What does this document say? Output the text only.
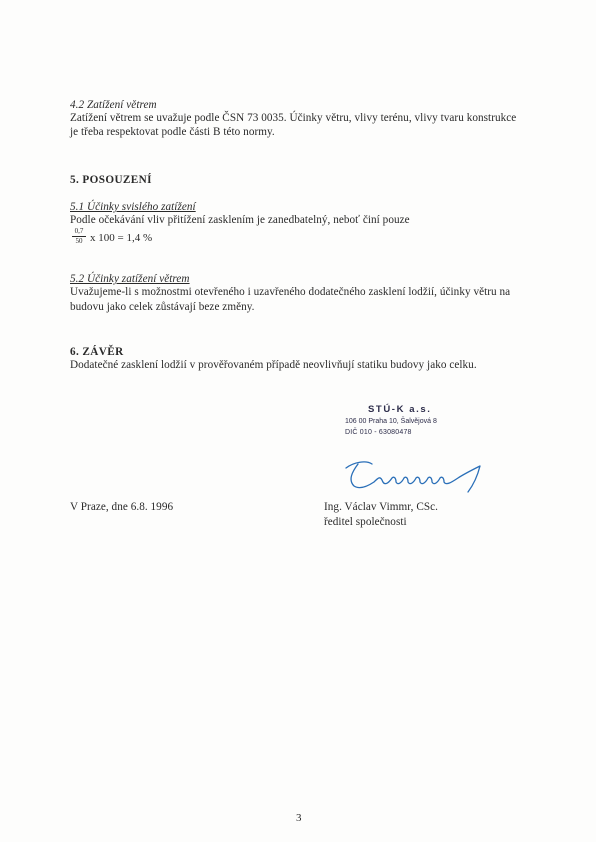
4.2 Zatížení větrem
Zatížení větrem se uvažuje podle ČSN 73 0035. Účinky větru, vlivy terénu, vlivy tvaru konstrukce
je třeba respektovat podle části B této normy.
5. POSOUZENÍ
5.1 Účinky svislého zatížení
Podle očekávání vliv přitížení zasklením je zanedbatelný, neboť činí pouze
$\frac{0,7}{50}$ x 100 = 1,4 %
5.2 Účinky zatížení větrem
Uvažujeme-li s možnostmi otevřeného i uzavřeného dodatečného zasklení lodžií, účinky větru na
budovu jako celek zůstávají beze změny.
6. ZÁVĚR
Dodatečné zasklení lodžií v prověřovaném případě neovlivňují statiku budovy jako celku.
STÚ-K a.s.
106 00 Praha 10, Šalvějová 8
DIČ 010 - 63080478
V Praze, dne 6.8. 1996	Ing. Václav Vimmr, CSc.
ředitel společnosti
3
